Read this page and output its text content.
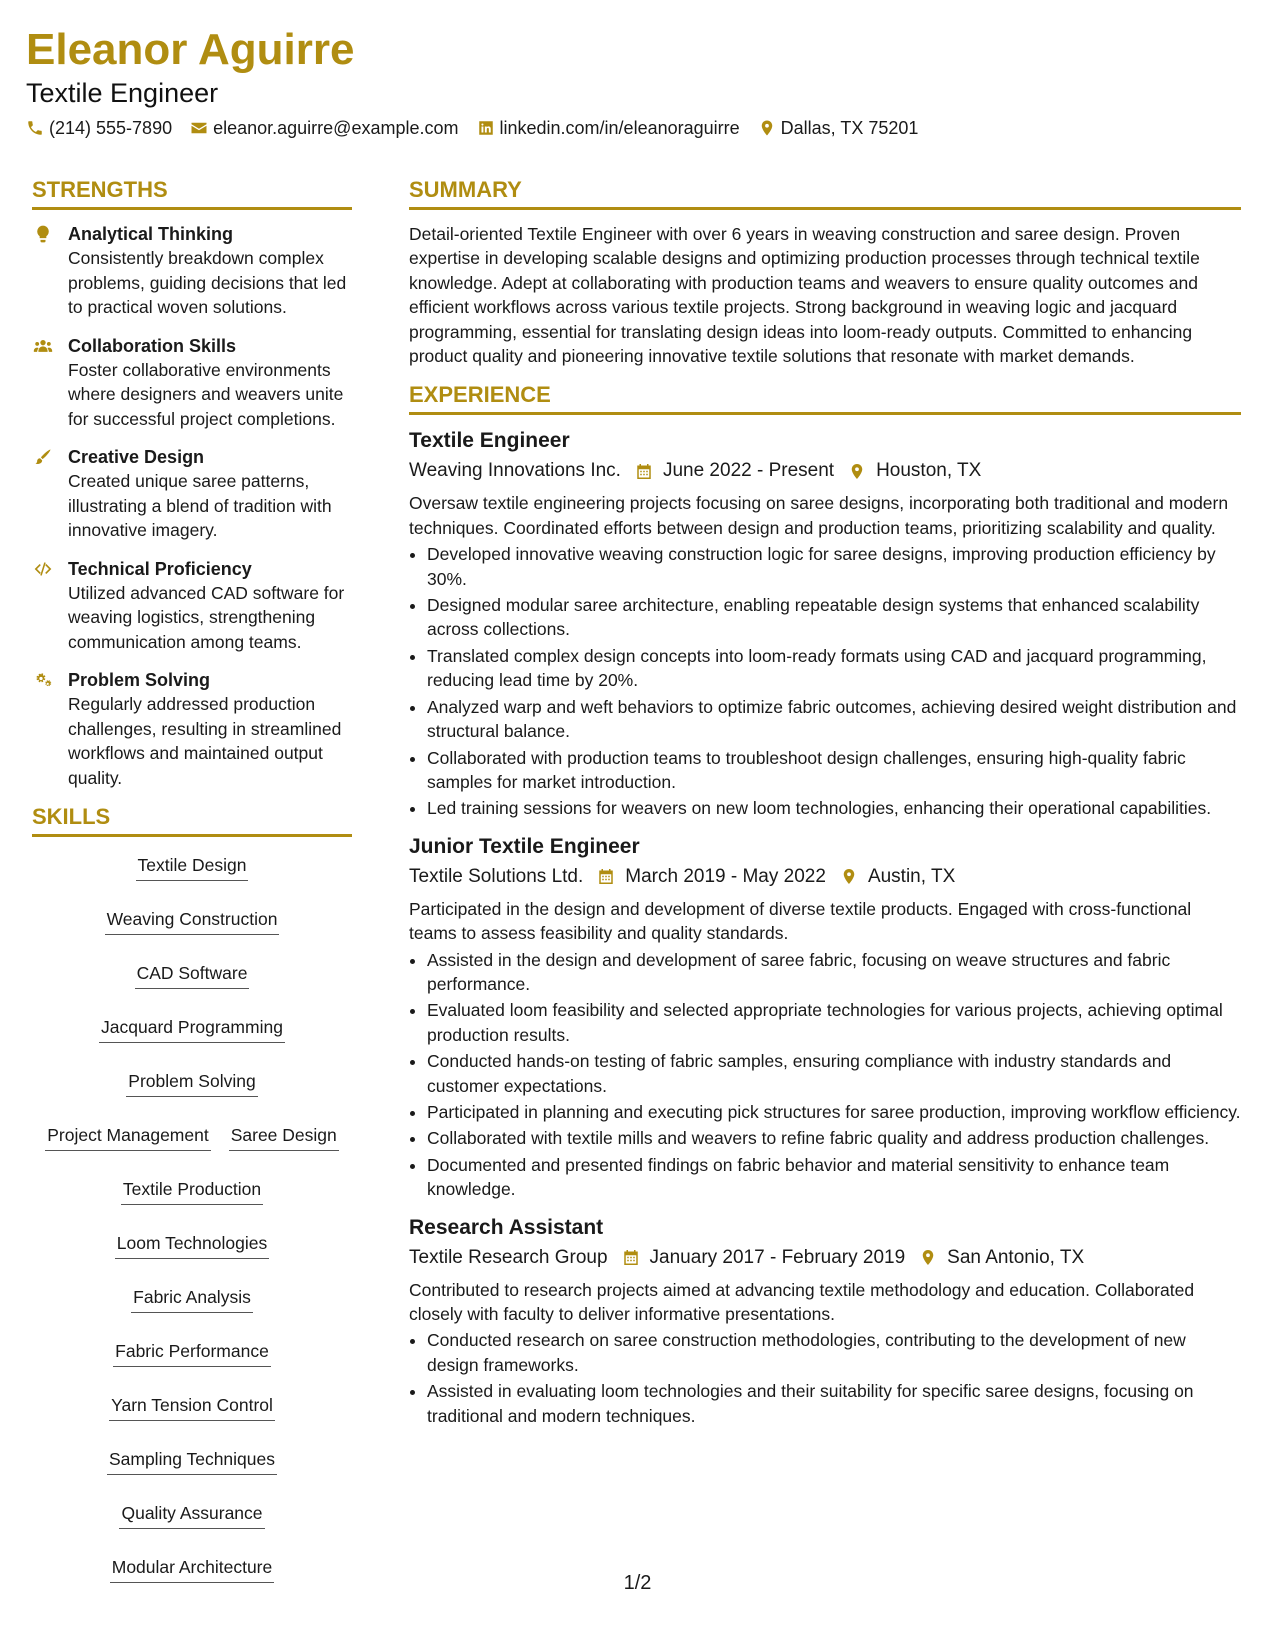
Eleanor Aguirre

Textile Engineer

(214) 555-7890 eleanor.aguirre@example.com linkedin.com/in/eleanoraguirre Dallas, TX 75201
STRENGTHS
Analytical Thinking
Consistently breakdown complex problems, guiding decisions that led to practical woven solutions.
Collaboration Skills
Foster collaborative environments where designers and weavers unite for successful project completions.
Creative Design
Created unique saree patterns, illustrating a blend of tradition with innovative imagery.
Technical Proficiency
Utilized advanced CAD software for weaving logistics, strengthening communication among teams.
Problem Solving
Regularly addressed production challenges, resulting in streamlined workflows and maintained output quality.
SKILLS
Textile Design
Weaving Construction
CAD Software
Jacquard Programming
Problem Solving
Project Management Saree Design
Textile Production
Loom Technologies
Fabric Analysis
Fabric Performance
Yarn Tension Control
Sampling Techniques
Quality Assurance
Modular Architecture
SUMMARY

Detail-oriented Textile Engineer with over 6 years in weaving construction and saree design. Proven expertise in developing scalable designs and optimizing production processes through technical textile knowledge. Adept at collaborating with production teams and weavers to ensure quality outcomes and efficient workflows across various textile projects. Strong background in weaving logic and jacquard programming, essential for translating design ideas into loom-ready outputs. Committed to enhancing product quality and pioneering innovative textile solutions that resonate with market demands.

EXPERIENCE

Textile Engineer

Weaving Innovations Inc. June 2022 - Present Houston, TX

Oversaw textile engineering projects focusing on saree designs, incorporating both traditional and modern techniques. Coordinated efforts between design and production teams, prioritizing scalability and quality.

• Developed innovative weaving construction logic for saree designs, improving production efficiency by 30%.
• Designed modular saree architecture, enabling repeatable design systems that enhanced scalability across collections.
• Translated complex design concepts into loom-ready formats using CAD and jacquard programming, reducing lead time by 20%.
• Analyzed warp and weft behaviors to optimize fabric outcomes, achieving desired weight distribution and structural balance.
• Collaborated with production teams to troubleshoot design challenges, ensuring high-quality fabric samples for market introduction.
• Led training sessions for weavers on new loom technologies, enhancing their operational capabilities.

Junior Textile Engineer

Textile Solutions Ltd. March 2019 - May 2022 Austin, TX

Participated in the design and development of diverse textile products. Engaged with cross-functional teams to assess feasibility and quality standards.

• Assisted in the design and development of saree fabric, focusing on weave structures and fabric performance.
• Evaluated loom feasibility and selected appropriate technologies for various projects, achieving optimal production results.
• Conducted hands-on testing of fabric samples, ensuring compliance with industry standards and customer expectations.
• Participated in planning and executing pick structures for saree production, improving workflow efficiency.
• Collaborated with textile mills and weavers to refine fabric quality and address production challenges.
• Documented and presented findings on fabric behavior and material sensitivity to enhance team knowledge.

Research Assistant

Textile Research Group January 2017 - February 2019 San Antonio, TX

Contributed to research projects aimed at advancing textile methodology and education. Collaborated closely with faculty to deliver informative presentations.

• Conducted research on saree construction methodologies, contributing to the development of new design frameworks.
• Assisted in evaluating loom technologies and their suitability for specific saree designs, focusing on traditional and modern techniques.
1/2
